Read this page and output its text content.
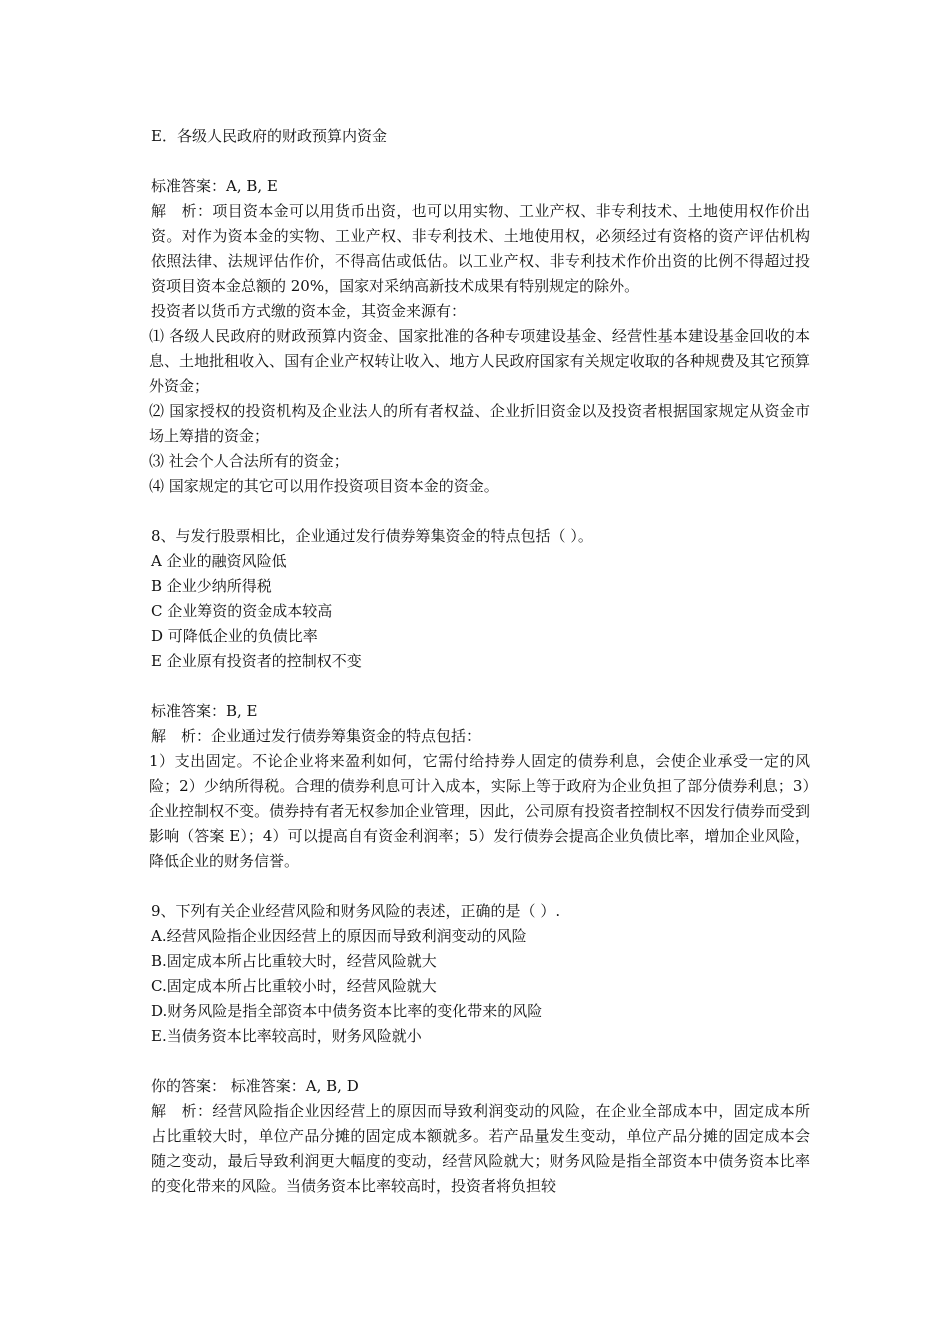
E．各级人民政府的财政预算内资金
标准答案：A, B, E
解　析：项目资本金可以用货币出资，也可以用实物、工业产权、非专利技术、土地使用权作价出资。对作为资本金的实物、工业产权、非专利技术、土地使用权，必须经过有资格的资产评估机构依照法律、法规评估作价，不得高估或低估。以工业产权、非专利技术作价出资的比例不得超过投资项目资本金总额的 20%，国家对采纳高新技术成果有特别规定的除外。
投资者以货币方式缴的资本金，其资金来源有：
⑴ 各级人民政府的财政预算内资金、国家批准的各种专项建设基金、经营性基本建设基金回收的本息、土地批租收入、国有企业产权转让收入、地方人民政府国家有关规定收取的各种规费及其它预算外资金；
⑵ 国家授权的投资机构及企业法人的所有者权益、企业折旧资金以及投资者根据国家规定从资金市场上筹措的资金；
⑶ 社会个人合法所有的资金；
⑷ 国家规定的其它可以用作投资项目资本金的资金。
8、与发行股票相比，企业通过发行债券筹集资金的特点包括（ ）。
A 企业的融资风险低
B 企业少纳所得税
C 企业筹资的资金成本较高
D 可降低企业的负债比率
E 企业原有投资者的控制权不变
标准答案：B, E
解　析：企业通过发行债券筹集资金的特点包括：
1）支出固定。不论企业将来盈利如何，它需付给持券人固定的债券利息，会使企业承受一定的风险；2）少纳所得税。合理的债券利息可计入成本，实际上等于政府为企业负担了部分债券利息；3）企业控制权不变。债券持有者无权参加企业管理，因此，公司原有投资者控制权不因发行债券而受到影响（答案 E）；4）可以提高自有资金利润率；5）发行债券会提高企业负债比率，增加企业风险，降低企业的财务信誉。
9、下列有关企业经营风险和财务风险的表述，正确的是（ ）.
A.经营风险指企业因经营上的原因而导致利润变动的风险
B.固定成本所占比重较大时，经营风险就大
C.固定成本所占比重较小时，经营风险就大
D.财务风险是指全部资本中债务资本比率的变化带来的风险
E.当债务资本比率较高时，财务风险就小
你的答案： 标准答案：A, B, D
解　析：经营风险指企业因经营上的原因而导致利润变动的风险，在企业全部成本中，固定成本所占比重较大时，单位产品分摊的固定成本额就多。若产品量发生变动，单位产品分摊的固定成本会随之变动，最后导致利润更大幅度的变动，经营风险就大；财务风险是指全部资本中债务资本比率的变化带来的风险。当债务资本比率较高时，投资者将负担较
